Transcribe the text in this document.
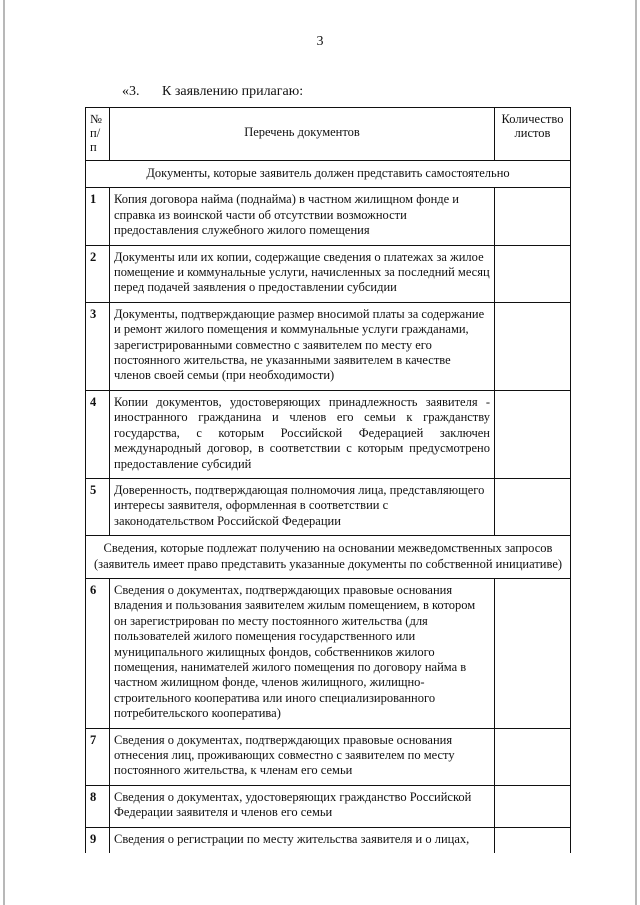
3
«3. К заявлению прилагаю:
№ п/п	Перечень документов	Количество листов
Документы, которые заявитель должен представить самостоятельно		
1	Копия договора найма (поднайма) в частном жилищном фонде и справка из воинской части об отсутствии возможности предоставления служебного жилого помещения	
2	Документы или их копии, содержащие сведения о платежах за жилое помещение и коммунальные услуги, начисленных за последний месяц перед подачей заявления о предоставлении субсидии	
3	Документы, подтверждающие размер вносимой платы за содержание и ремонт жилого помещения и коммунальные услуги гражданами, зарегистрированными совместно с заявителем по месту его постоянного жительства, не указанными заявителем в качестве членов своей семьи (при необходимости)	
4	Копии документов, удостоверяющих принадлежность заявителя - иностранного гражданина и членов его семьи к гражданству государства, с которым Российской Федерацией заключен международный договор, в соответствии с которым предусмотрено предоставление субсидий	
5	Доверенность, подтверждающая полномочия лица, представляющего интересы заявителя, оформленная в соответствии с законодательством Российской Федерации	
Сведения, которые подлежат получению на основании межведомственных запросов (заявитель имеет право представить указанные документы по собственной инициативе)		
6	Сведения о документах, подтверждающих правовые основания владения и пользования заявителем жилым помещением, в котором он зарегистрирован по месту постоянного жительства (для пользователей жилого помещения государственного или муниципального жилищных фондов, собственников жилого помещения, нанимателей жилого помещения по договору найма в частном жилищном фонде, членов жилищного, жилищно-строительного кооператива или иного специализированного потребительского кооператива)	
7	Сведения о документах, подтверждающих правовые основания отнесения лиц, проживающих совместно с заявителем по месту постоянного жительства, к членам его семьи	
8	Сведения о документах, удостоверяющих гражданство Российской Федерации заявителя и членов его семьи	
9	Сведения о регистрации по месту жительства заявителя и о лицах,	
